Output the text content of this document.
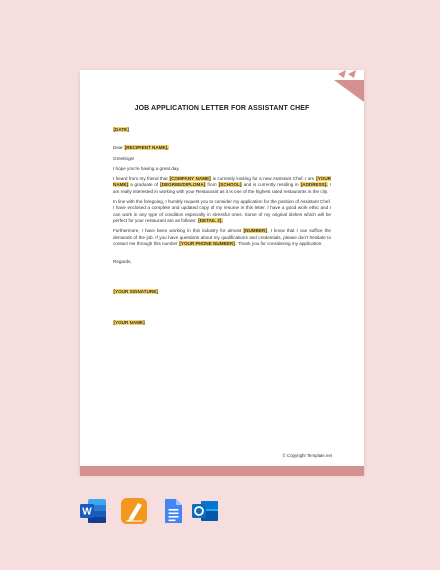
JOB APPLICATION LETTER FOR ASSISTANT CHEF

[DATE]

Dear [RECIPIENT NAME],

Greetings!

I hope you’re having a great day.

I heard from my friend that [COMPANY NAME] is currently looking for a new Assistant Chef. I am [YOUR NAME] a graduate of [DEGREE/DIPLOMA] from [SCHOOL] and is currently residing in [ADDRESS]. I am really interested in working with your Restaurant as it is one of the highest rated restaurants in the city.

In line with the foregoing, I humbly request you to consider my application for the position of Assistant Chef. I have enclosed a complete and updated copy of my resume in this letter. I have a good work ethic and I can work in any type of condition especially in stressful ones. Some of my original dishes which will be perfect for your restaurant are as follows: [DETAIL 2].

Furthermore, I have been working in this industry for almost [NUMBER], I know that I can suffice the demands of the job. If you have questions about my qualifications and credentials, please don’t hesitate to contact me through this number [YOUR PHONE NUMBER]. Thank you for considering my application.

Regards,

[YOUR SIGNATURE]

[YOUR NAME]

© Copyright Template.net
W
